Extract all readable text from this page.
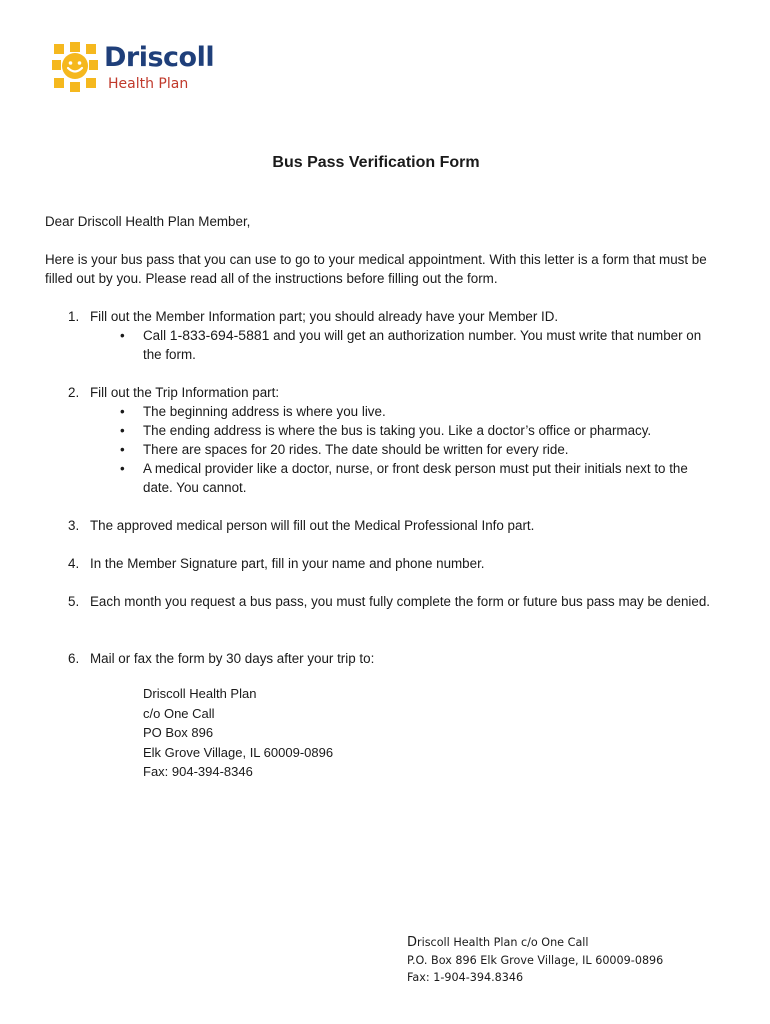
Driscoll
Health Plan
Bus Pass Verification Form
Dear Driscoll Health Plan Member,
Here is your bus pass that you can use to go to your medical appointment. With this letter is a form that must be filled out by you. Please read all of the instructions before filling out the form.
1. Fill out the Member Information part; you should already have your Member ID.
• Call 1-833-694-5881 and you will get an authorization number. You must write that number on the form.
2. Fill out the Trip Information part:
• The beginning address is where you live.
• The ending address is where the bus is taking you. Like a doctor’s office or pharmacy.
• There are spaces for 20 rides. The date should be written for every ride.
• A medical provider like a doctor, nurse, or front desk person must put their initials next to the date. You cannot.
3. The approved medical person will fill out the Medical Professional Info part.
4. In the Member Signature part, fill in your name and phone number.
5. Each month you request a bus pass, you must fully complete the form or future bus pass may be denied.
6. Mail or fax the form by 30 days after your trip to:
Driscoll Health Plan
c/o One Call
PO Box 896
Elk Grove Village, IL 60009-0896
Fax: 904-394-8346
Driscoll Health Plan c/o One Call
P.O. Box 896 Elk Grove Village, IL 60009-0896
Fax: 1-904-394.8346
